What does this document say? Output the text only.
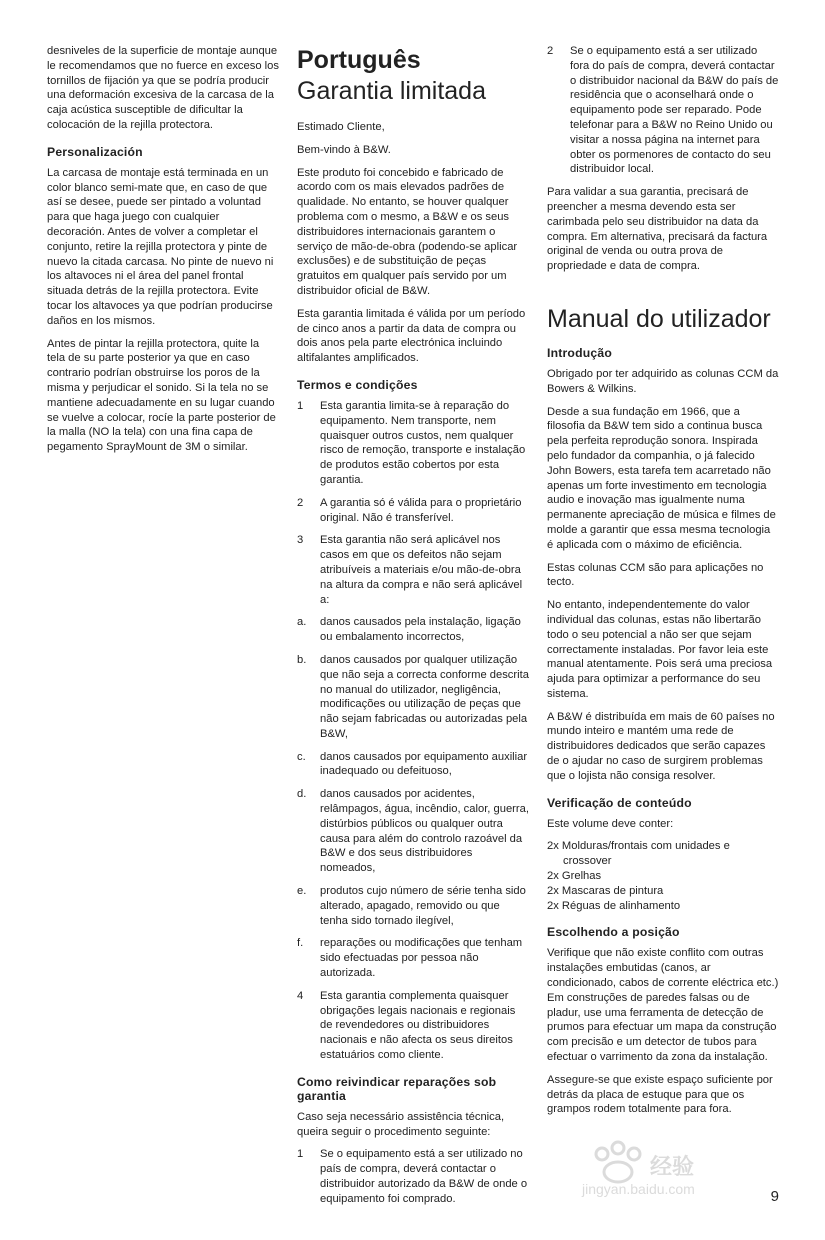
desniveles de la superficie de montaje aunque le recomendamos que no fuerce en exceso los tornillos de fijación ya que se podría producir una deformación excesiva de la carcasa de la caja acústica susceptible de dificultar la colocación de la rejilla protectora.

Personalización

La carcasa de montaje está terminada en un color blanco semi-mate que, en caso de que así se desee, puede ser pintado a voluntad para que haga juego con cualquier decoración. Antes de volver a completar el conjunto, retire la rejilla protectora y pinte de nuevo la citada carcasa. No pinte de nuevo ni los altavoces ni el área del panel frontal situada detrás de la rejilla protectora. Evite tocar los altavoces ya que podrían producirse daños en los mismos.

Antes de pintar la rejilla protectora, quite la tela de su parte posterior ya que en caso contrario podrían obstruirse los poros de la misma y perjudicar el sonido. Si la tela no se mantiene adecuadamente en su lugar cuando se vuelve a colocar, rocíe la parte posterior de la malla (NO la tela) con una fina capa de pegamento SprayMount de 3M o similar.

Português
Garantia limitada

Estimado Cliente,

Bem-vindo à B&W.

Este produto foi concebido e fabricado de acordo com os mais elevados padrões de qualidade. No entanto, se houver qualquer problema com o mesmo, a B&W e os seus distribuidores internacionais garantem o serviço de mão-de-obra (podendo-se aplicar exclusões) e de substituição de peças gratuitos em qualquer país servido por um distribuidor oficial de B&W.

Esta garantia limitada é válida por um período de cinco anos a partir da data de compra ou dois anos pela parte electrónica incluindo altifalantes amplificados.

Termos e condições
1	Esta garantia limita-se à reparação do equipamento. Nem transporte, nem quaisquer outros custos, nem qualquer risco de remoção, transporte e instalação de produtos estão cobertos por esta garantia.
2	A garantia só é válida para o proprietário original. Não é transferível.
3	Esta garantia não será aplicável nos casos em que os defeitos não sejam atribuíveis a materiais e/ou mão-de-obra na altura da compra e não será aplicável a:
a.	danos causados pela instalação, ligação ou embalamento incorrectos,
b.	danos causados por qualquer utilização que não seja a correcta conforme descrita no manual do utilizador, negligência, modificações ou utilização de peças que não sejam fabricadas ou autorizadas pela B&W,
c.	danos causados por equipamento auxiliar inadequado ou defeituoso,
d.	danos causados por acidentes, relâmpagos, água, incêndio, calor, guerra, distúrbios públicos ou qualquer outra causa para além do controlo razoável da B&W e dos seus distribuidores nomeados,
e.	produtos cujo número de série tenha sido alterado, apagado, removido ou que tenha sido tornado ilegível,
f.	reparações ou modificações que tenham sido efectuadas por pessoa não autorizada.
4	Esta garantia complementa quaisquer obrigações legais nacionais e regionais de revendedores ou distribuidores nacionais e não afecta os seus direitos estatuários como cliente.
Como reivindicar reparações sob garantia

Caso seja necessário assistência técnica, queira seguir o procedimento seguinte:

1	Se o equipamento está a ser utilizado no país de compra, deverá contactar o distribuidor autorizado da B&W de onde o equipamento foi comprado.
2	Se o equipamento está a ser utilizado fora do país de compra, deverá contactar o distribuidor nacional da B&W do país de residência que o aconselhará onde o equipamento pode ser reparado. Pode telefonar para a B&W no Reino Unido ou visitar a nossa página na internet para obter os pormenores de contacto do seu distribuidor local.

Para validar a sua garantia, precisará de preencher a mesma devendo esta ser carimbada pelo seu distribuidor na data da compra. Em alternativa, precisará da factura original de venda ou outra prova de propriedade e data de compra.

Manual do utilizador
Introdução

Obrigado por ter adquirido as colunas CCM da Bowers & Wilkins.

Desde a sua fundação em 1966, que a filosofia da B&W tem sido a continua busca pela perfeita reprodução sonora. Inspirada pelo fundador da companhia, o já falecido John Bowers, esta tarefa tem acarretado não apenas um forte investimento em tecnologia audio e inovação mas igualmente numa permanente apreciação de música e filmes de molde a garantir que essa mesma tecnologia é aplicada com o máximo de eficiência.

Estas colunas CCM são para aplicações no tecto.

No entanto, independentemente do valor individual das colunas, estas não libertarão todo o seu potencial a não ser que sejam correctamente instaladas. Por favor leia este manual atentamente. Pois será uma preciosa ajuda para optimizar a performance do seu sistema.

A B&W é distribuída em mais de 60 países no mundo inteiro e mantém uma rede de distribuidores dedicados que serão capazes de o ajudar no caso de surgirem problemas que o lojista não consiga resolver.

Verificação de conteúdo

Este volume deve conter:

2x Molduras/frontais com unidades e crossover
2x Grelhas
2x Mascaras de pintura
2x Réguas de alinhamento
Escolhendo a posição

Verifique que não existe conflito com outras instalações embutidas (canos, ar condicionado, cabos de corrente eléctrica etc.) Em construções de paredes falsas ou de pladur, use uma ferramenta de detecção de prumos para efectuar um mapa da construção com precisão e um detector de tubos para efectuar o varrimento da zona da instalação.

Assegure-se que existe espaço suficiente por detrás da placa de estuque para que os grampos rodem totalmente para fora.

经验
jingyan.baidu.com	9
